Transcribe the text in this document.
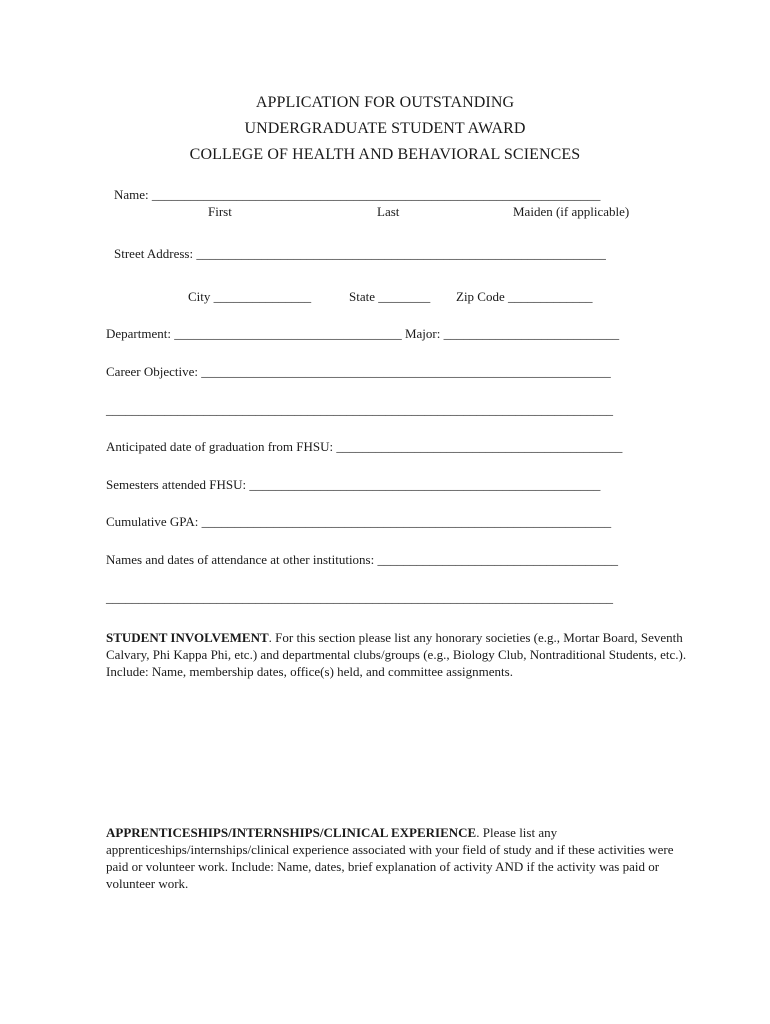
APPLICATION FOR OUTSTANDING
UNDERGRADUATE STUDENT AWARD
COLLEGE OF HEALTH AND BEHAVIORAL SCIENCES
Name: _____________________________________________________________________
First	Last	Maiden (if applicable)
Street Address: _______________________________________________________________
City _______________	State ________ Zip Code _____________
Department: ___________________________________ Major: ___________________________
Career Objective: _______________________________________________________________
______________________________________________________________________________
Anticipated date of graduation from FHSU: ____________________________________________
Semesters attended FHSU: ______________________________________________________
Cumulative GPA: _______________________________________________________________
Names and dates of attendance at other institutions: _____________________________________
______________________________________________________________________________
STUDENT INVOLVEMENT. For this section please list any honorary societies (e.g., Mortar Board, Seventh Calvary, Phi Kappa Phi, etc.) and departmental clubs/groups (e.g., Biology Club, Nontraditional Students, etc.). Include: Name, membership dates, office(s) held, and committee assignments.
APPRENTICESHIPS/INTERNSHIPS/CLINICAL EXPERIENCE. Please list any apprenticeships/internships/clinical experience associated with your field of study and if these activities were paid or volunteer work. Include: Name, dates, brief explanation of activity AND if the activity was paid or volunteer work.
